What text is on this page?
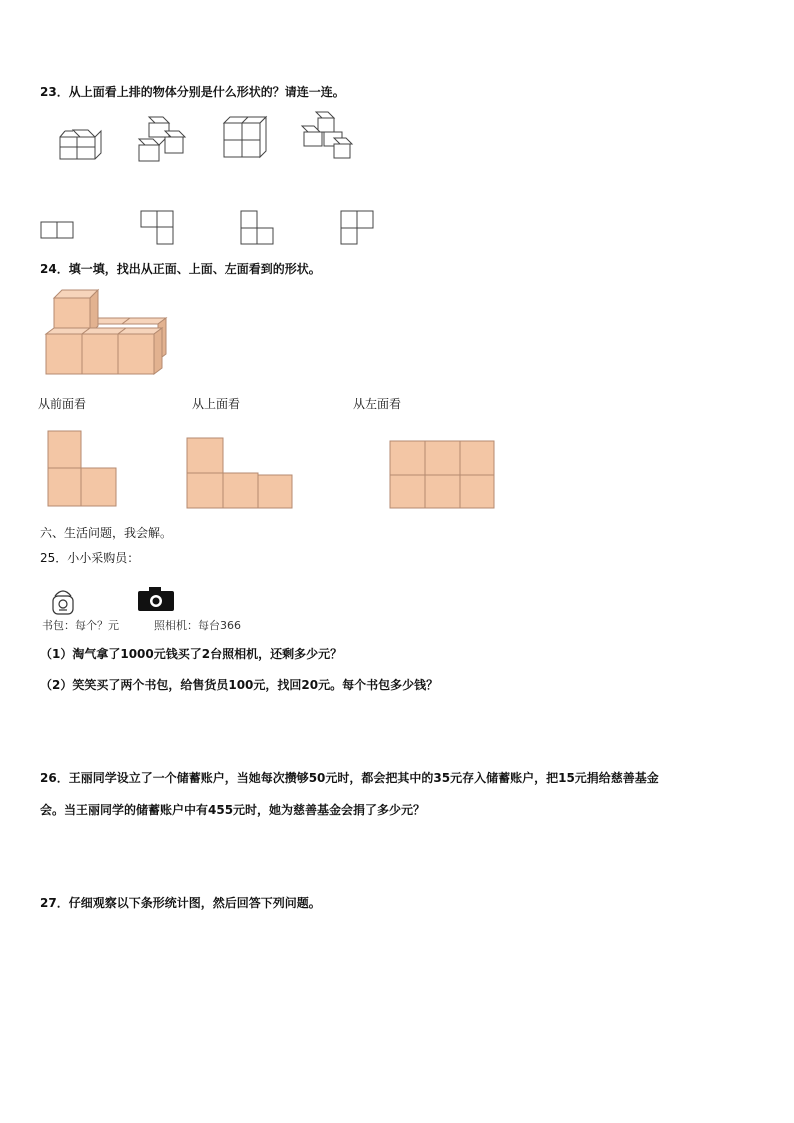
23．从上面看上排的物体分别是什么形状的？请连一连。
24．填一填，找出从正面、上面、左面看到的形状。
从前面看	从上面看	从左面看
六、生活问题，我会解。
25．小小采购员：
书包：每个？元	照相机：每台366
（1）淘气拿了1000元钱买了2台照相机，还剩多少元？
（2）笑笑买了两个书包，给售货员100元，找回20元。每个书包多少钱？
26．王丽同学设立了一个储蓄账户，当她每次攒够50元时，都会把其中的35元存入储蓄账户，把15元捐给慈善基金
会。当王丽同学的储蓄账户中有455元时，她为慈善基金会捐了多少元？
27．仔细观察以下条形统计图，然后回答下列问题。
